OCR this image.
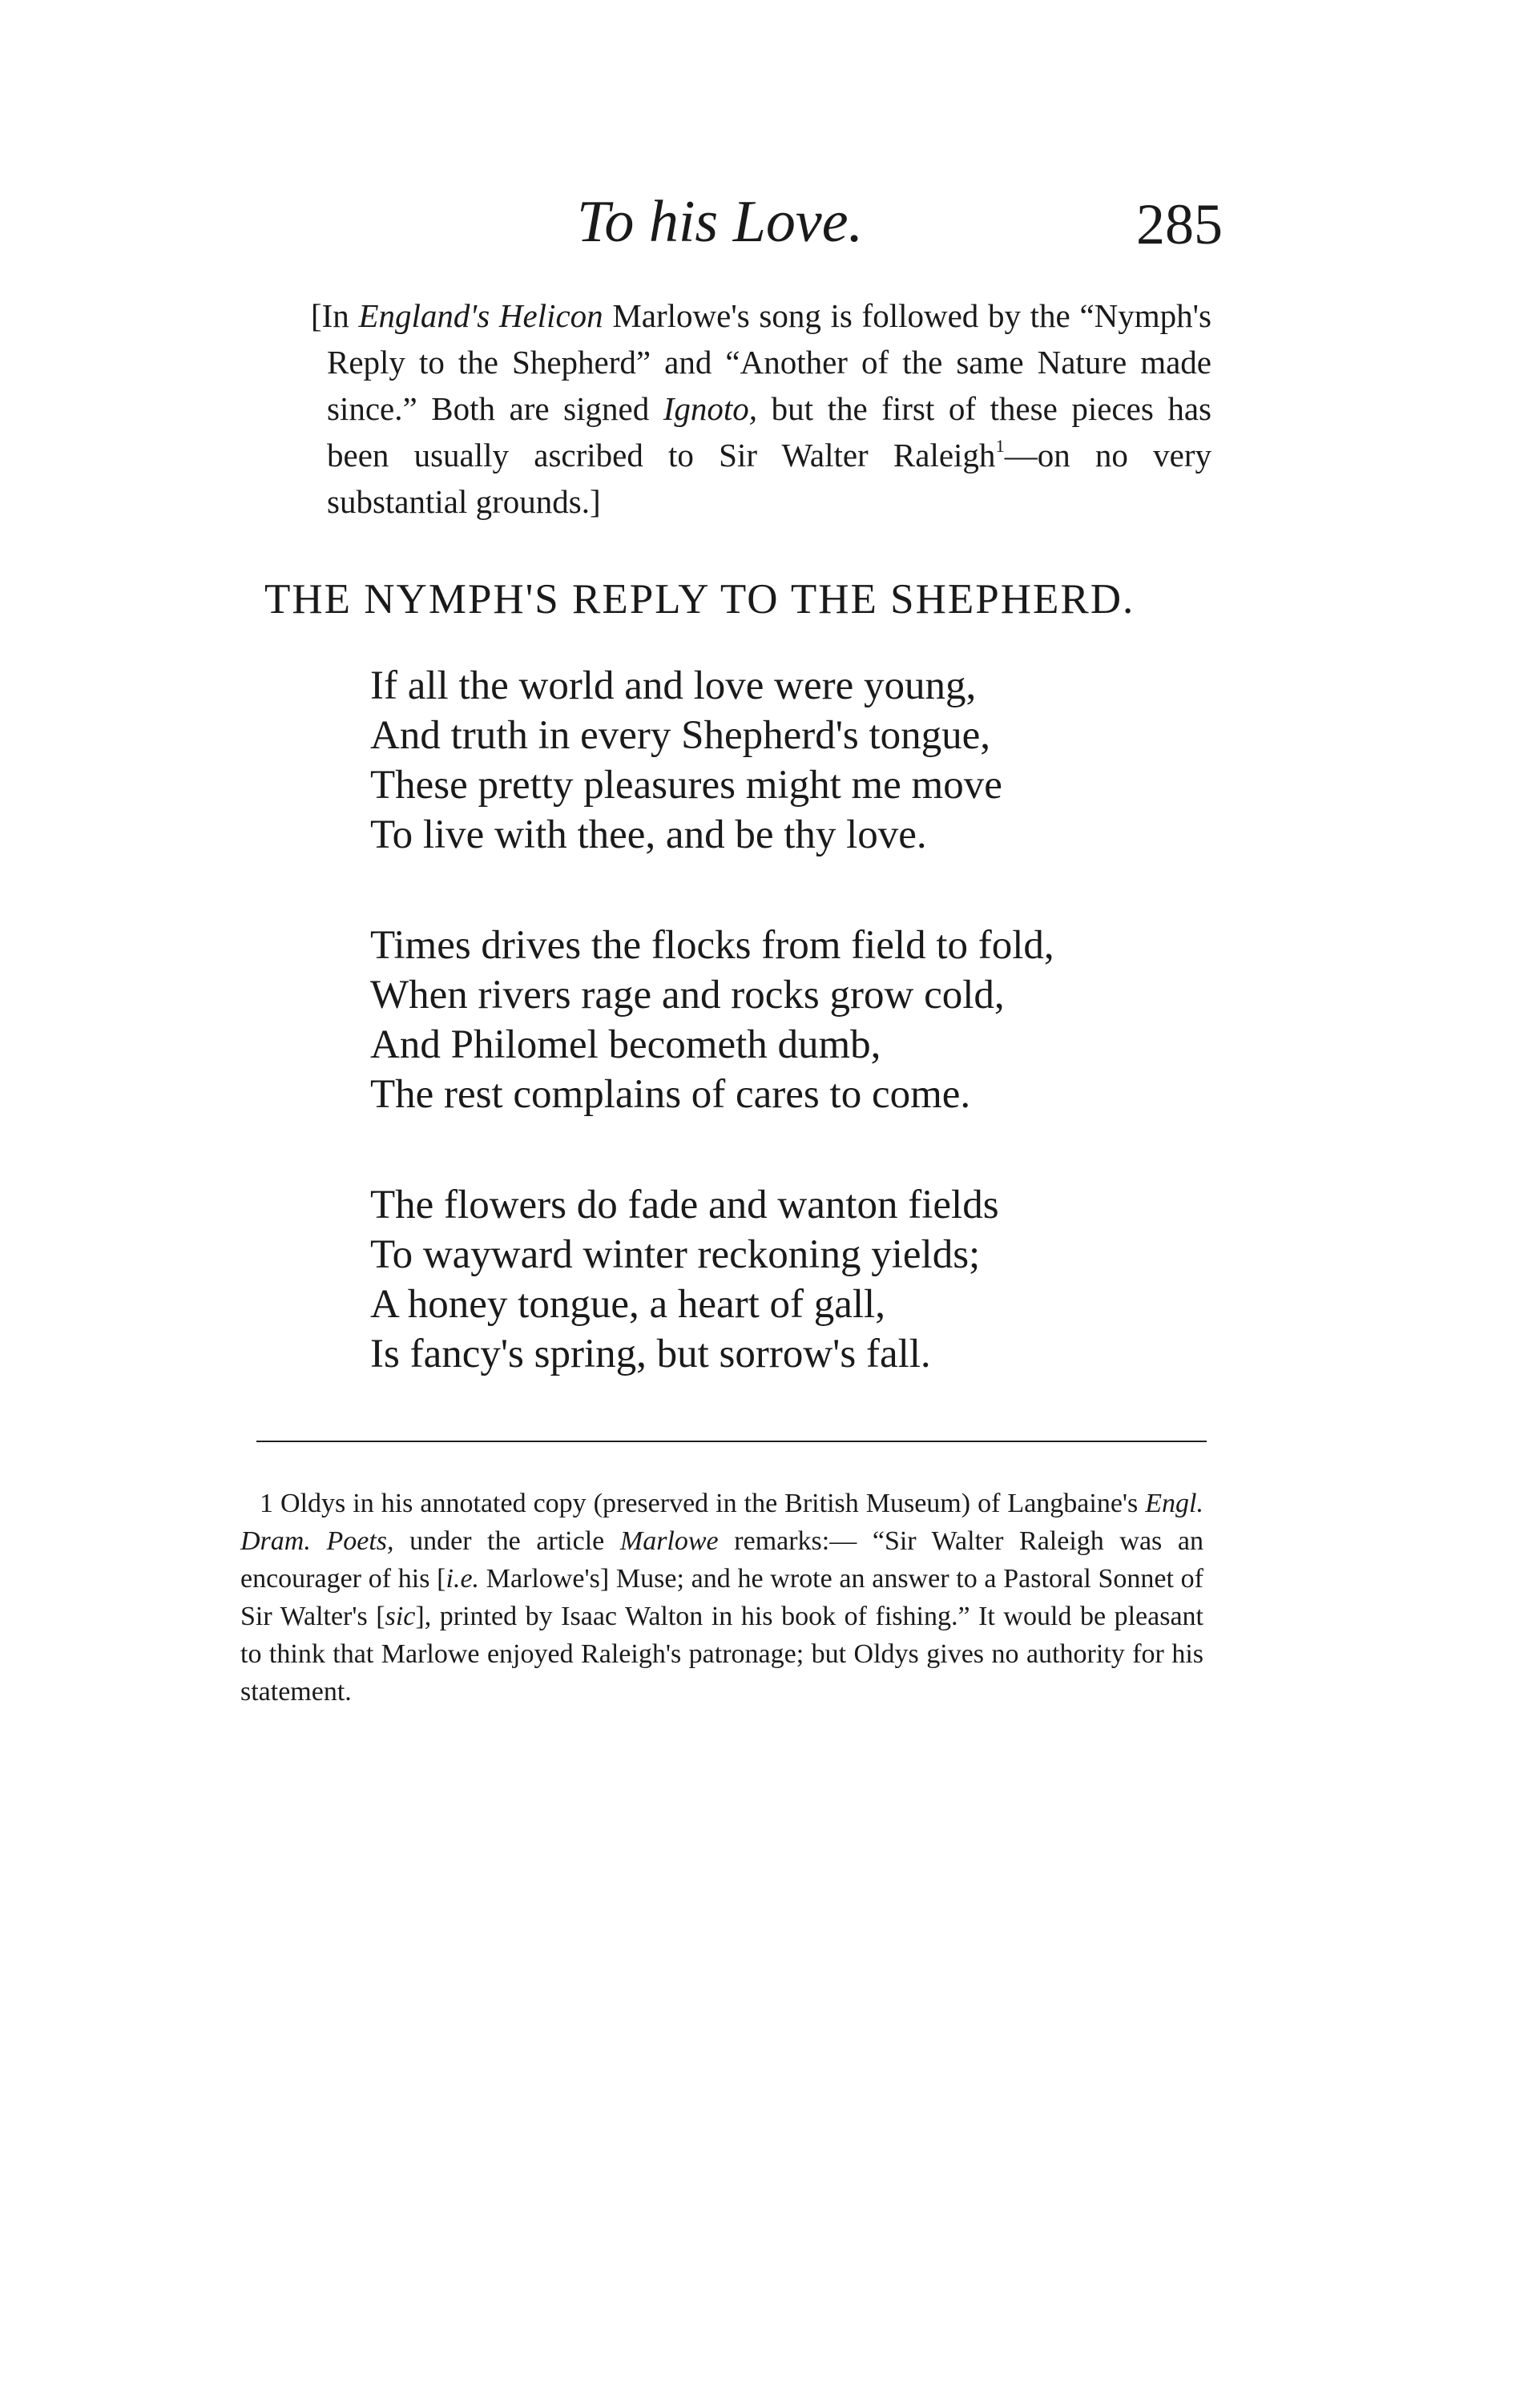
To his Love.	285

[In England's Helicon Marlowe's song is followed by the “Nymph's Reply to the Shepherd” and “Another of the same Nature made since.” Both are signed Ignoto, but the first of these pieces has been usually ascribed to Sir Walter Raleigh$^1$—on no very substantial grounds.]

THE NYMPH'S REPLY TO THE SHEPHERD.
If all the world and love were young,
And truth in every Shepherd's tongue,
These pretty pleasures might me move
To live with thee, and be thy love.
Times drives the flocks from field to fold,
When rivers rage and rocks grow cold,
And Philomel becometh dumb,
The rest complains of cares to come.
The flowers do fade and wanton fields
To wayward winter reckoning yields;
A honey tongue, a heart of gall,
Is fancy's spring, but sorrow's fall.

1 Oldys in his annotated copy (preserved in the British Museum) of Langbaine's Engl. Dram. Poets, under the article Marlowe remarks:— “Sir Walter Raleigh was an encourager of his [i.e. Marlowe's] Muse; and he wrote an answer to a Pastoral Sonnet of Sir Walter's [sic], printed by Isaac Walton in his book of fishing.” It would be pleasant to think that Marlowe enjoyed Raleigh's patronage; but Oldys gives no authority for his statement.
